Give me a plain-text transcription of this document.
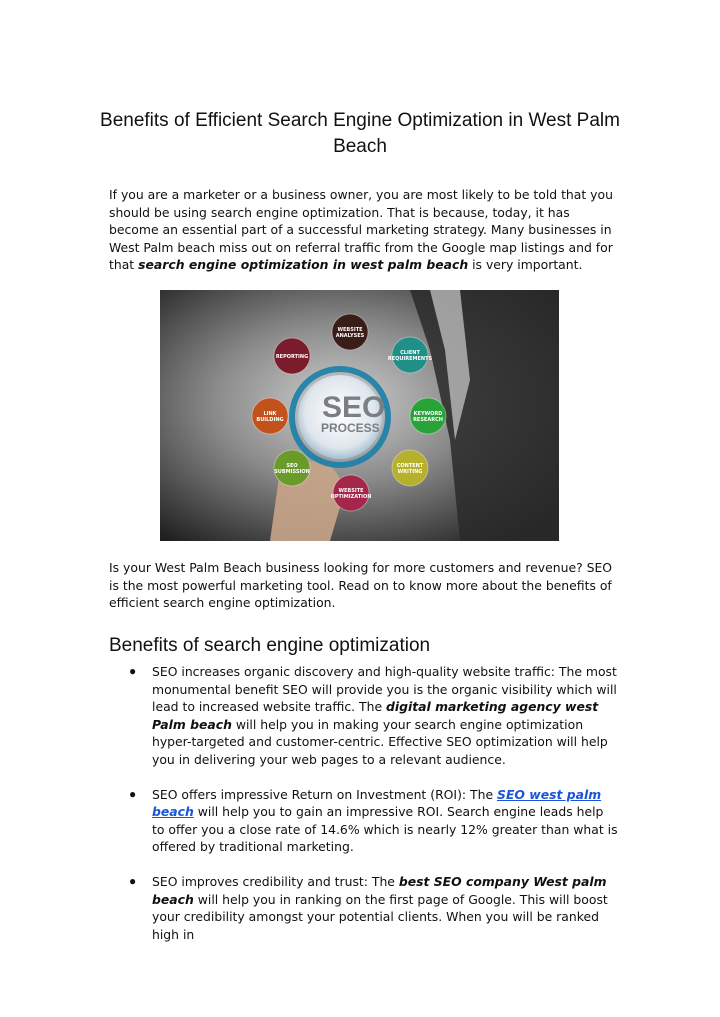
Benefits of Efficient Search Engine Optimization in West Palm Beach
If you are a marketer or a business owner, you are most likely to be told that you should be using search engine optimization. That is because, today, it has become an essential part of a successful marketing strategy. Many businesses in West Palm beach miss out on referral traffic from the Google map listings and for that search engine optimization in west palm beach is very important.
SEO
PROCESS
WEBSITE
ANALYSES
CLIENT
REQUIREMENTS
KEYWORD
RESEARCH
CONTENT
WRITING
WEBSITE
OPTIMIZATION
SEO
SUBMISSION
LINK
BUILDING
REPORTING
Is your West Palm Beach business looking for more customers and revenue? SEO is the most powerful marketing tool. Read on to know more about the benefits of efficient search engine optimization.
Benefits of search engine optimization
● SEO increases organic discovery and high-quality website traffic: The most monumental benefit SEO will provide you is the organic visibility which will lead to increased website traffic. The digital marketing agency west Palm beach will help you in making your search engine optimization hyper-targeted and customer-centric. Effective SEO optimization will help you in delivering your web pages to a relevant audience.
● SEO offers impressive Return on Investment (ROI): The SEO west palm beach will help you to gain an impressive ROI. Search engine leads help to offer you a close rate of 14.6% which is nearly 12% greater than what is offered by traditional marketing.
● SEO improves credibility and trust: The best SEO company West palm beach will help you in ranking on the first page of Google. This will boost your credibility amongst your potential clients. When you will be ranked high in
